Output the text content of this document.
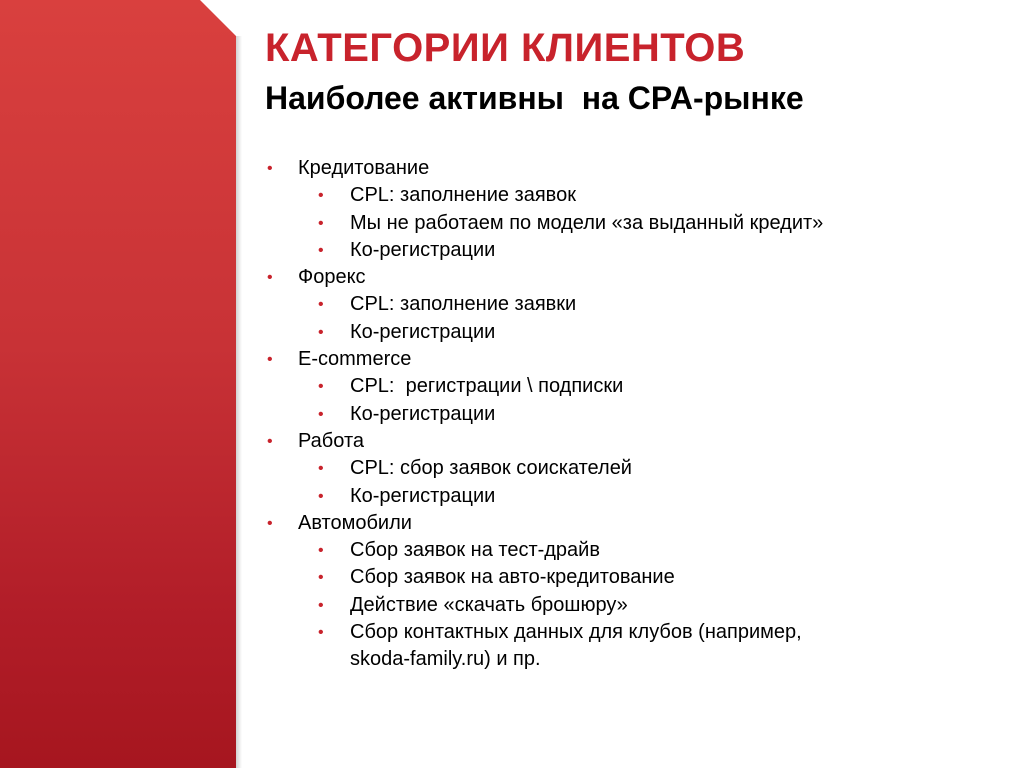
КАТЕГОРИИ КЛИЕНТОВ
Наиболее активны  на CPA-рынке
• Кредитование
• CPL: заполнение заявок
• Мы не работаем по модели «за выданный кредит»
• Ко-регистрации
• Форекс
• CPL: заполнение заявки
• Ко-регистрации
• E-commerce
• CPL:  регистрации \ подписки
• Ко-регистрации
• Работа
• CPL: сбор заявок соискателей
• Ко-регистрации
• Автомобили
• Сбор заявок на тест-драйв
• Сбор заявок на авто-кредитование
• Действие «скачать брошюру»
• Сбор контактных данных для клубов (например,
skoda-family.ru) и пр.
